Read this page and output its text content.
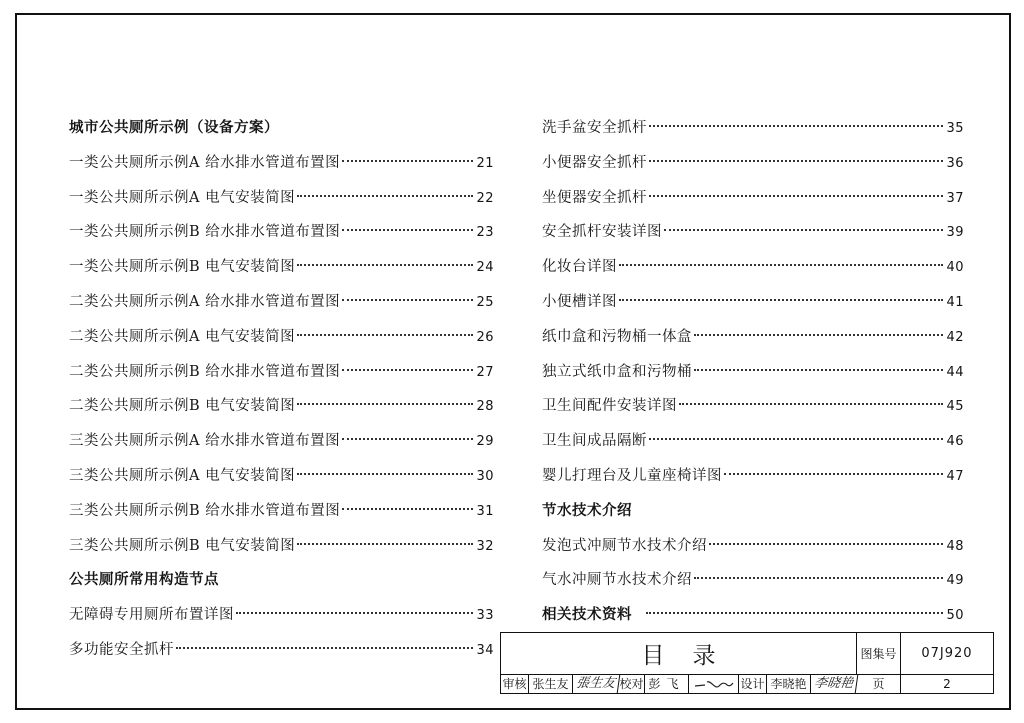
城市公共厕所示例（设备方案）
一类公共厕所示例A 给水排水管道布置图	21
一类公共厕所示例A 电气安装简图	22
一类公共厕所示例B 给水排水管道布置图	23
一类公共厕所示例B 电气安装简图	24
二类公共厕所示例A 给水排水管道布置图	25
二类公共厕所示例A 电气安装简图	26
二类公共厕所示例B 给水排水管道布置图	27
二类公共厕所示例B 电气安装简图	28
三类公共厕所示例A 给水排水管道布置图	29
三类公共厕所示例A 电气安装简图	30
三类公共厕所示例B 给水排水管道布置图	31
三类公共厕所示例B 电气安装简图	32
公共厕所常用构造节点
无障碍专用厕所布置详图	33
多功能安全抓杆	34
洗手盆安全抓杆	35
小便器安全抓杆	36
坐便器安全抓杆	37
安全抓杆安装详图	39
化妆台详图	40
小便槽详图	41
纸巾盒和污物桶一体盒	42
独立式纸巾盒和污物桶	44
卫生间配件安装详图	45
卫生间成品隔断	46
婴儿打理台及儿童座椅详图	47
节水技术介绍
发泡式冲厕节水技术介绍	48
气水冲厕节水技术介绍	49
相关技术资料	50
目录	图集号	07J920
审核 张生友 張生友 校对 彭飞	设计 李晓艳 李晓艳	页	2
